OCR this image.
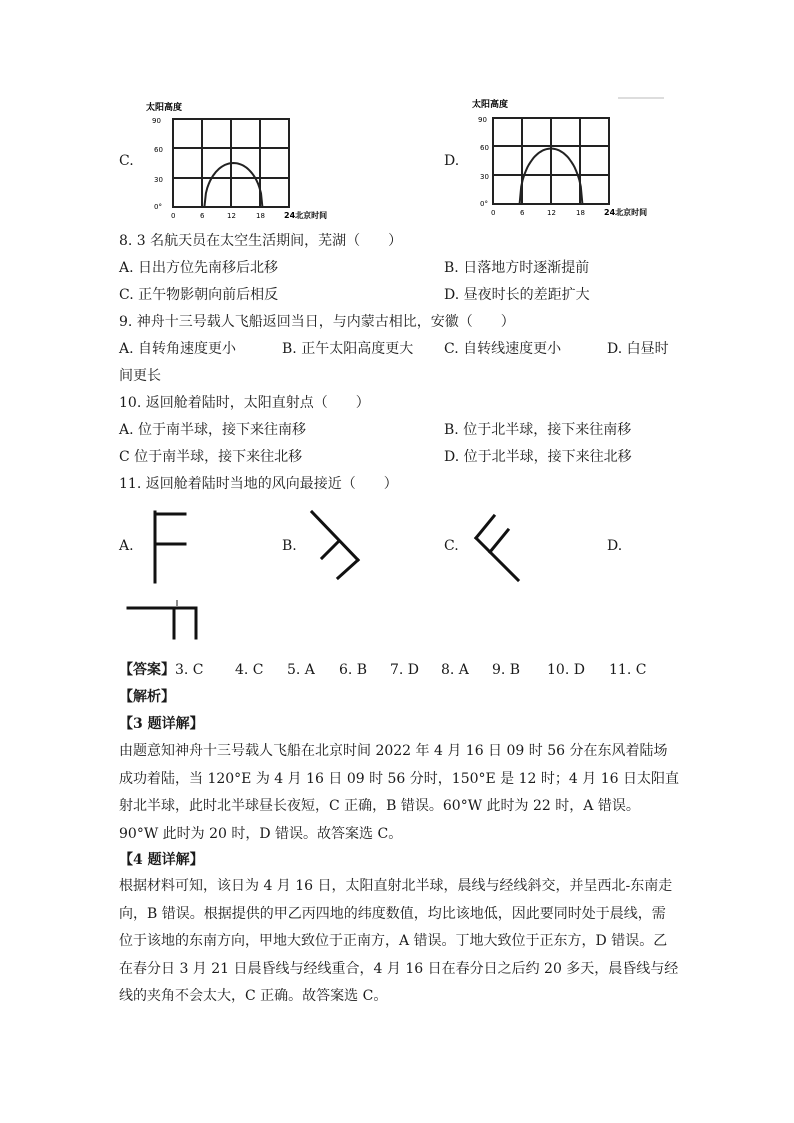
C.
太阳高度
90
60
30
0°
0	6	12	18 24北京时间
D.
太阳高度
90
60
30
0°
0	6	12	18 24北京时间
8. 3 名航天员在太空生活期间，芜湖（　　）
A. 日出方位先南移后北移	B. 日落地方时逐渐提前
C. 正午物影朝向前后相反	D. 昼夜时长的差距扩大
9. 神舟十三号载人飞船返回当日，与内蒙古相比，安徽（　　）
A. 自转角速度更小	B. 正午太阳高度更大 C. 自转线速度更小	D. 白昼时
间更长
10. 返回舱着陆时，太阳直射点（　　）
A. 位于南半球，接下来往南移	B. 位于北半球，接下来往南移
C 位于南半球，接下来往北移	D. 位于北半球，接下来往北移
11. 返回舱着陆时当地的风向最接近（　　）
A.	B.	C.	D.
【答案】3. C 4. C 5. A 6. B 7. D 8. A 9. B 10. D 11. C
【解析】
【3 题详解】
由题意知神舟十三号载人飞船在北京时间 2022 年 4 月 16 日 09 时 56 分在东风着陆场成功着陆，当 120°E 为 4 月 16 日 09 时 56 分时，150°E 是 12 时；4 月 16 日太阳直射北半球，此时北半球昼长夜短，C 正确，B 错误。60°W 此时为 22 时，A 错误。90°W 此时为 20 时，D 错误。故答案选 C。
【4 题详解】
根据材料可知，该日为 4 月 16 日，太阳直射北半球，晨线与经线斜交，并呈西北-东南走向，B 错误。根据提供的甲乙丙四地的纬度数值，均比该地低，因此要同时处于晨线，需位于该地的东南方向，甲地大致位于正南方，A 错误。丁地大致位于正东方，D 错误。乙在春分日 3 月 21 日晨昏线与经线重合，4 月 16 日在春分日之后约 20 多天，晨昏线与经线的夹角不会太大，C 正确。故答案选 C。
